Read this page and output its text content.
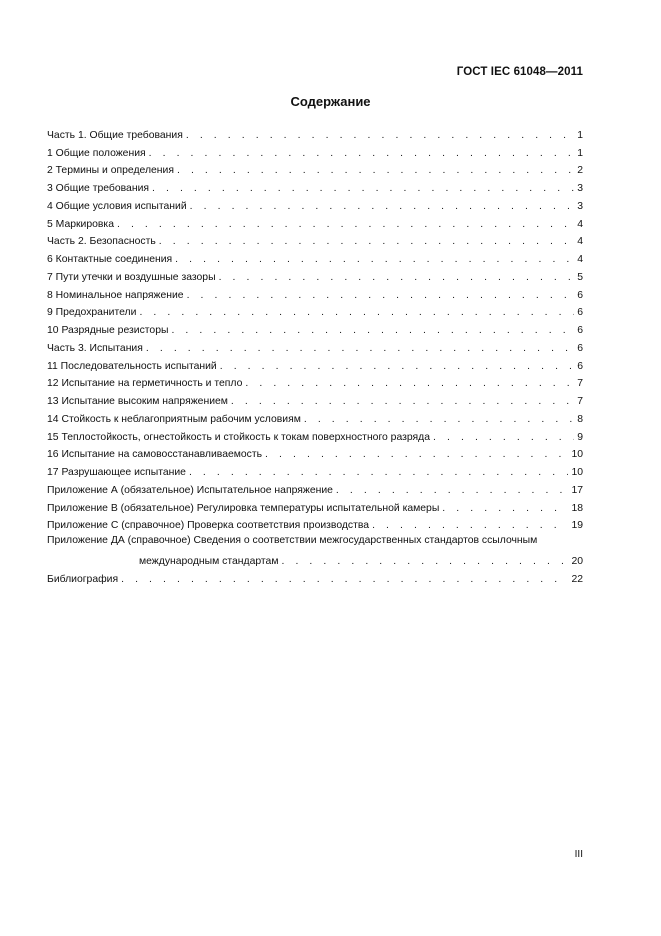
ГОСТ IEC 61048—2011
Содержание
Часть 1. Общие требования . . .	1
1 Общие положения . . .	1
2 Термины и определения . . .	2
3 Общие требования . . .	3
4 Общие условия испытаний . . .	3
5 Маркировка . . .	4
Часть 2. Безопасность . . .	4
6 Контактные соединения . . .	4
7 Пути утечки и воздушные зазоры . . .	5
8 Номинальное напряжение . . .	6
9 Предохранители . . .	6
10 Разрядные резисторы . . .	6
Часть 3. Испытания . . .	6
11 Последовательность испытаний . . .	6
12 Испытание на герметичность и тепло . . .	7
13 Испытание высоким напряжением . . .	7
14 Стойкость к неблагоприятным рабочим условиям . . .	8
15 Теплостойкость, огнестойкость и стойкость к токам поверхностного разряда . . .	9
16 Испытание на самовосстанавливаемость . . .	10
17 Разрушающее испытание . . .	10
Приложение А (обязательное) Испытательное напряжение . . .	17
Приложение В (обязательное) Регулировка температуры испытательной камеры . . .	18
Приложение С (справочное) Проверка соответствия производства . . .	19
Приложение ДА (справочное) Сведения о соответствии межгосударственных стандартов ссылочным
международным стандартам . . .	20
Библиография . . .	22
III
